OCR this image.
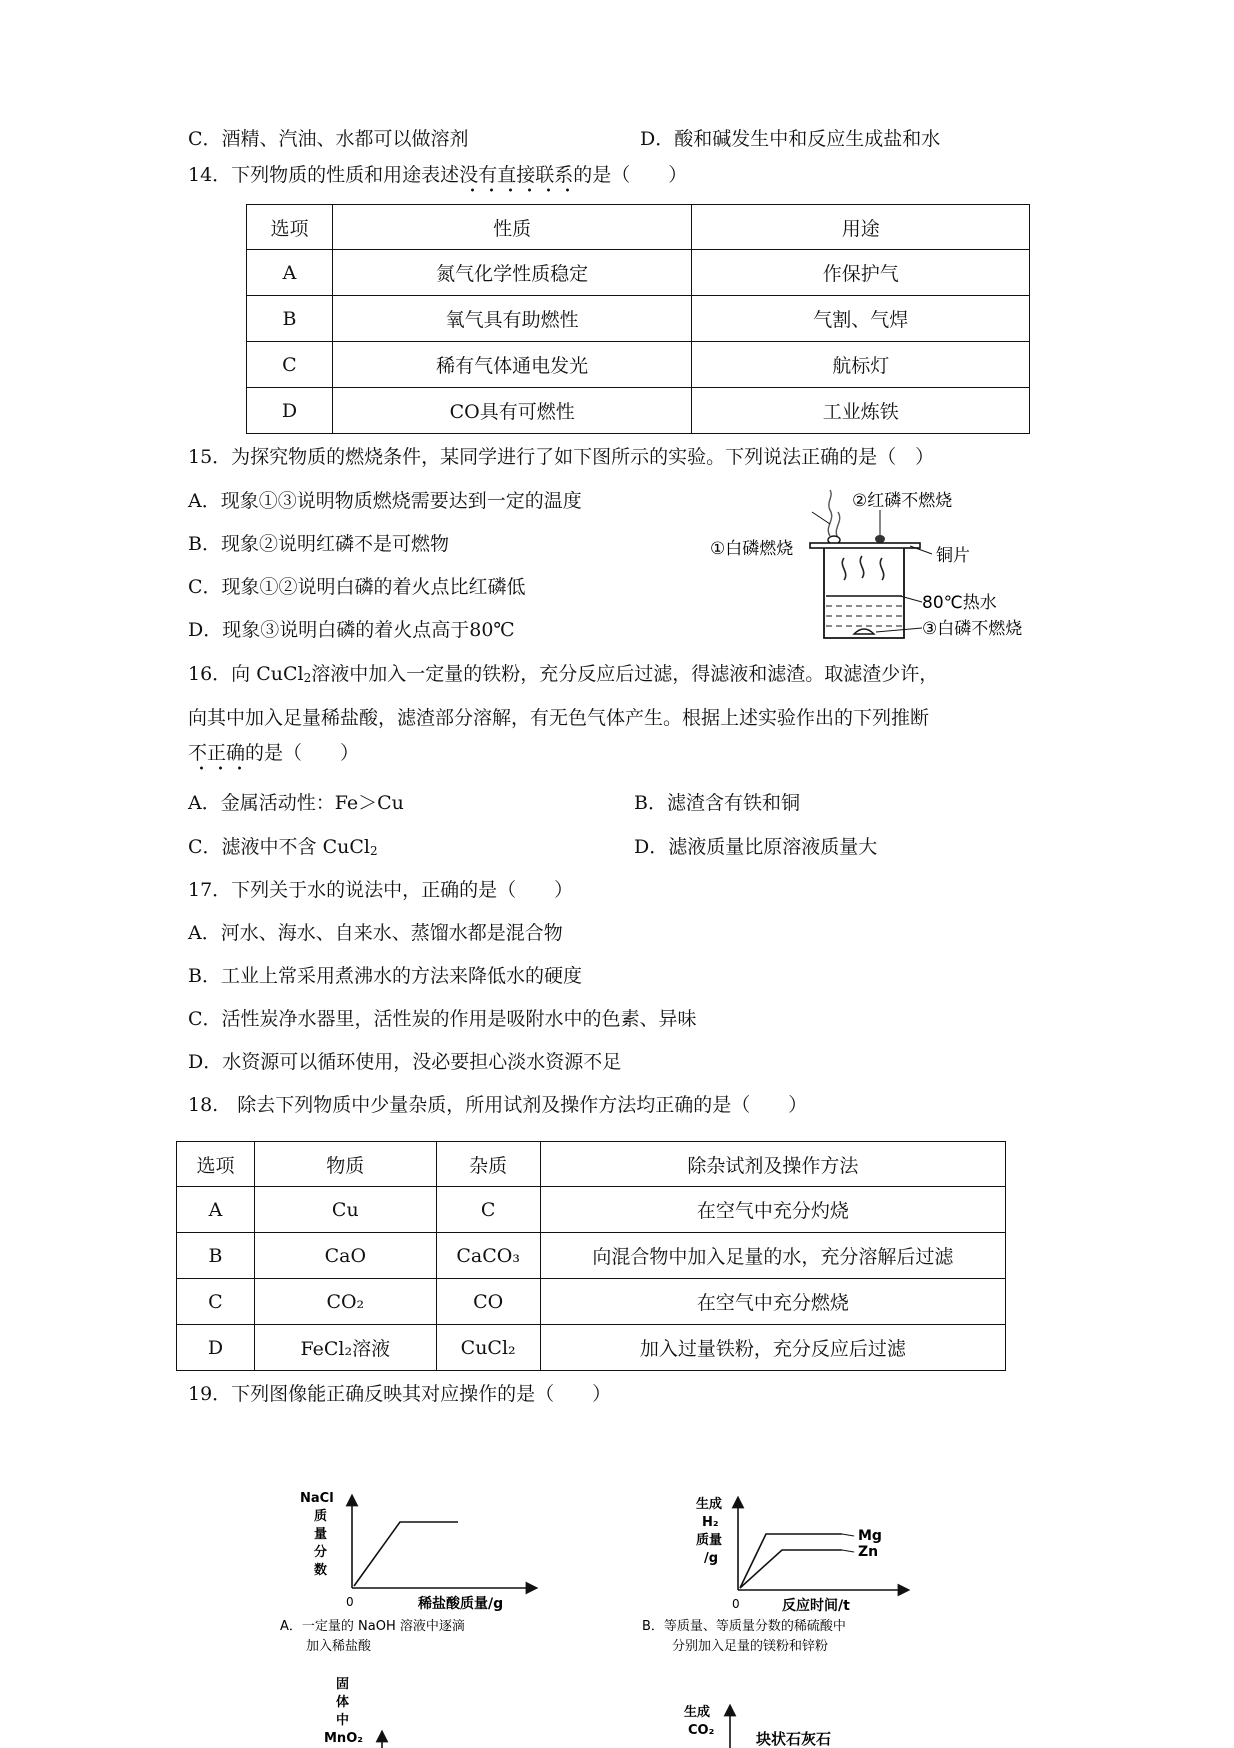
C．酒精、汽油、水都可以做溶剂	D．酸和碱发生中和反应生成盐和水
14．下列物质的性质和用途表述没有直接联系的是（　　）
选项	性质	用途
A	氮气化学性质稳定	作保护气
B	氧气具有助燃性	气割、气焊
C	稀有气体通电发光	航标灯
D	CO具有可燃性	工业炼铁
15．为探究物质的燃烧条件，某同学进行了如下图所示的实验。下列说法正确的是（　）
A．现象①③说明物质燃烧需要达到一定的温度
B．现象②说明红磷不是可燃物
C．现象①②说明白磷的着火点比红磷低
D．现象③说明白磷的着火点高于80℃
①白磷燃烧
②红磷不燃烧
铜片
80℃热水
③白磷不燃烧
16．向 CuCl$_2$溶液中加入一定量的铁粉，充分反应后过滤，得滤液和滤渣。取滤渣少许，
向其中加入足量稀盐酸，滤渣部分溶解，有无色气体产生。根据上述实验作出的下列推断
不正确的是（　　）
A．金属活动性：Fe＞Cu	B．滤渣含有铁和铜
C．滤液中不含 CuCl$_2$	D．滤液质量比原溶液质量大
17．下列关于水的说法中，正确的是（　　）
A．河水、海水、自来水、蒸馏水都是混合物
B．工业上常采用煮沸水的方法来降低水的硬度
C．活性炭净水器里，活性炭的作用是吸附水中的色素、异味
D．水资源可以循环使用，没必要担心淡水资源不足
18.　除去下列物质中少量杂质，所用试剂及操作方法均正确的是（　　）
选项	物质	杂质	除杂试剂及操作方法
A	Cu	C	在空气中充分灼烧
B	CaO	CaCO₃	向混合物中加入足量的水，充分溶解后过滤
C	CO₂	CO	在空气中充分燃烧
D	FeCl₂溶液	CuCl₂	加入过量铁粉，充分反应后过滤
19．下列图像能正确反映其对应操作的是（　　）
NaCl
质
量
分
数
0	稀盐酸质量/g
A．一定量的 NaOH 溶液中逐滴
加入稀盐酸
Mg
Zn
生成
H₂
质量
/g
0	反应时间/t
B．等质量、等质量分数的稀硫酸中
分别加入足量的镁粉和锌粉
固
体
中
MnO₂
生成
CO₂	块状石灰石
